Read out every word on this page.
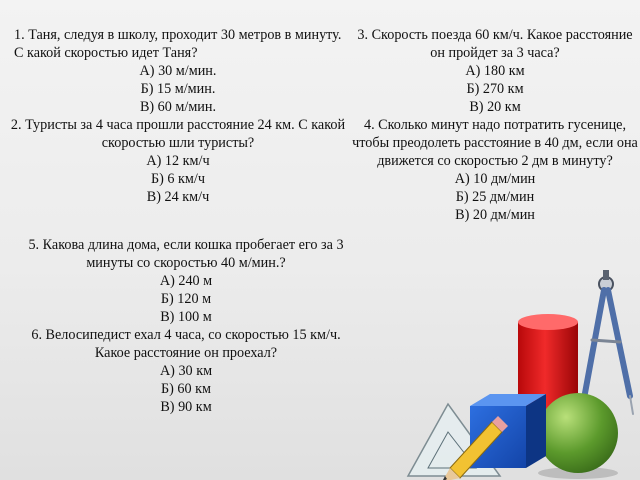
1. Таня, следуя в школу, проходит 30 метров в минуту. С какой скоростью идет Таня?

А) 30 м/мин.

Б) 15 м/мин.

В) 60 м/мин.

2. Туристы за 4 часа прошли расстояние 24 км. С какой скоростью шли туристы?

А) 12 км/ч

Б) 6 км/ч

В) 24 км/ч

3. Скорость поезда 60 км/ч. Какое расстояние он пройдет за 3 часа?

А) 180 км

Б) 270 км

В) 20 км

4. Сколько минут надо потратить гусенице, чтобы преодолеть расстояние в 40 дм, если она движется со скоростью 2 дм в минуту?

А) 10 дм/мин

Б) 25 дм/мин

В) 20 дм/мин

5. Какова длина дома, если кошка пробегает его за 3 минуты со скоростью 40 м/мин.?

А) 240 м

Б) 120 м

В) 100 м

6. Велосипедист ехал 4 часа, со скоростью 15 км/ч. Какое расстояние он проехал?

А) 30 км

Б) 60 км

В) 90 км
